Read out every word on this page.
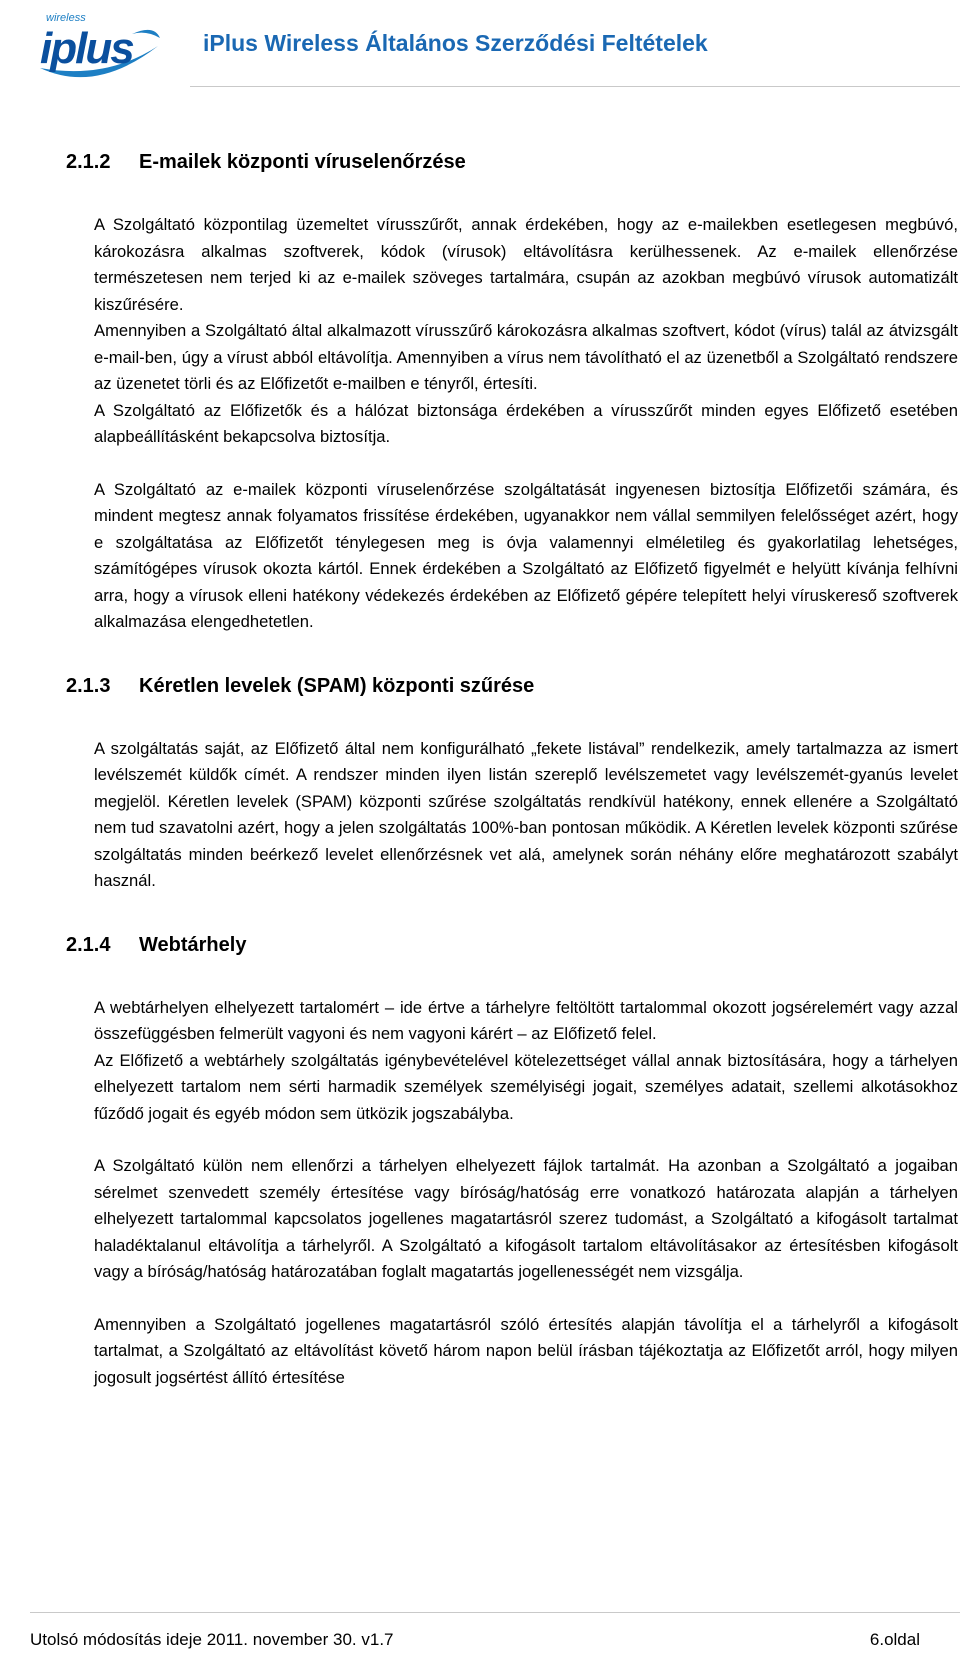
wireless
iplus	iPlus Wireless Általános Szerződési Feltételek
2.1.2 E-mailek központi víruselenőrzése

A Szolgáltató központilag üzemeltet vírusszűrőt, annak érdekében, hogy az e-mailekben esetlegesen megbúvó, károkozásra alkalmas szoftverek, kódok (vírusok) eltávolításra kerülhessenek. Az e-mailek ellenőrzése természetesen nem terjed ki az e-mailek szöveges tartalmára, csupán az azokban megbúvó vírusok automatizált kiszűrésére.

Amennyiben a Szolgáltató által alkalmazott vírusszűrő károkozásra alkalmas szoftvert, kódot (vírus) talál az átvizsgált e-mail-ben, úgy a vírust abból eltávolítja. Amennyiben a vírus nem távolítható el az üzenetből a Szolgáltató rendszere az üzenetet törli és az Előfizetőt e-mailben e tényről, értesíti.

A Szolgáltató az Előfizetők és a hálózat biztonsága érdekében a vírusszűrőt minden egyes Előfizető esetében alapbeállításként bekapcsolva biztosítja.

A Szolgáltató az e-mailek központi víruselenőrzése szolgáltatását ingyenesen biztosítja Előfizetői számára, és mindent megtesz annak folyamatos frissítése érdekében, ugyanakkor nem vállal semmilyen felelősséget azért, hogy e szolgáltatása az Előfizetőt ténylegesen meg is óvja valamennyi elméletileg és gyakorlatilag lehetséges, számítógépes vírusok okozta kártól. Ennek érdekében a Szolgáltató az Előfizető figyelmét e helyütt kívánja felhívni arra, hogy a vírusok elleni hatékony védekezés érdekében az Előfizető gépére telepített helyi víruskereső szoftverek alkalmazása elengedhetetlen.

2.1.3 Kéretlen levelek (SPAM) központi szűrése

A szolgáltatás saját, az Előfizető által nem konfigurálható „fekete listával” rendelkezik, amely tartalmazza az ismert levélszemét küldők címét. A rendszer minden ilyen listán szereplő levélszemetet vagy levélszemét-gyanús levelet megjelöl. Kéretlen levelek (SPAM) központi szűrése szolgáltatás rendkívül hatékony, ennek ellenére a Szolgáltató nem tud szavatolni azért, hogy a jelen szolgáltatás 100%-ban pontosan működik. A Kéretlen levelek központi szűrése szolgáltatás minden beérkező levelet ellenőrzésnek vet alá, amelynek során néhány előre meghatározott szabályt használ.

2.1.4 Webtárhely

A webtárhelyen elhelyezett tartalomért – ide értve a tárhelyre feltöltött tartalommal okozott jogsérelemért vagy azzal összefüggésben felmerült vagyoni és nem vagyoni kárért – az Előfizető felel.

Az Előfizető a webtárhely szolgáltatás igénybevételével kötelezettséget vállal annak biztosítására, hogy a tárhelyen elhelyezett tartalom nem sérti harmadik személyek személyiségi jogait, személyes adatait, szellemi alkotásokhoz fűződő jogait és egyéb módon sem ütközik jogszabályba.

A Szolgáltató külön nem ellenőrzi a tárhelyen elhelyezett fájlok tartalmát. Ha azonban a Szolgáltató a jogaiban sérelmet szenvedett személy értesítése vagy bíróság/hatóság erre vonatkozó határozata alapján a tárhelyen elhelyezett tartalommal kapcsolatos jogellenes magatartásról szerez tudomást, a Szolgáltató a kifogásolt tartalmat haladéktalanul eltávolítja a tárhelyről. A Szolgáltató a kifogásolt tartalom eltávolításakor az értesítésben kifogásolt vagy a bíróság/hatóság határozatában foglalt magatartás jogellenességét nem vizsgálja.

Amennyiben a Szolgáltató jogellenes magatartásról szóló értesítés alapján távolítja el a tárhelyről a kifogásolt tartalmat, a Szolgáltató az eltávolítást követő három napon belül írásban tájékoztatja az Előfizetőt arról, hogy milyen jogosult jogsértést állító értesítése

Utolsó módosítás ideje 2011. november 30. v1.7	6.oldal
